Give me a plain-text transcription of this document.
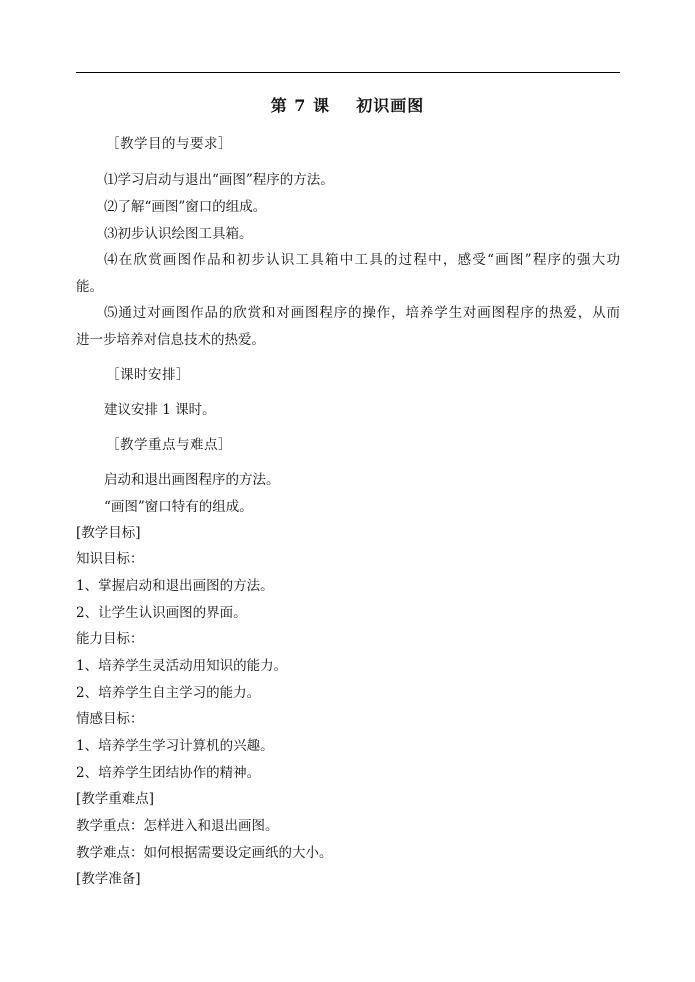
第 7 课    初识画图
［教学目的与要求］
⑴学习启动与退出“画图”程序的方法。
⑵了解“画图”窗口的组成。
⑶初步认识绘图工具箱。
⑷在欣赏画图作品和初步认识工具箱中工具的过程中，感受“画图”程序的强大功
能。
⑸通过对画图作品的欣赏和对画图程序的操作，培养学生对画图程序的热爱，从而
进一步培养对信息技术的热爱。
［课时安排］
建议安排 1 课时。
［教学重点与难点］
启动和退出画图程序的方法。
“画图”窗口特有的组成。
[教学目标]
知识目标：
1、掌握启动和退出画图的方法。
2、让学生认识画图的界面。
能力目标：
1、培养学生灵活动用知识的能力。
2、培养学生自主学习的能力。
情感目标：
1、培养学生学习计算机的兴趣。
2、培养学生团结协作的精神。
[教学重难点]
教学重点：怎样进入和退出画图。
教学难点：如何根据需要设定画纸的大小。
[教学准备]
